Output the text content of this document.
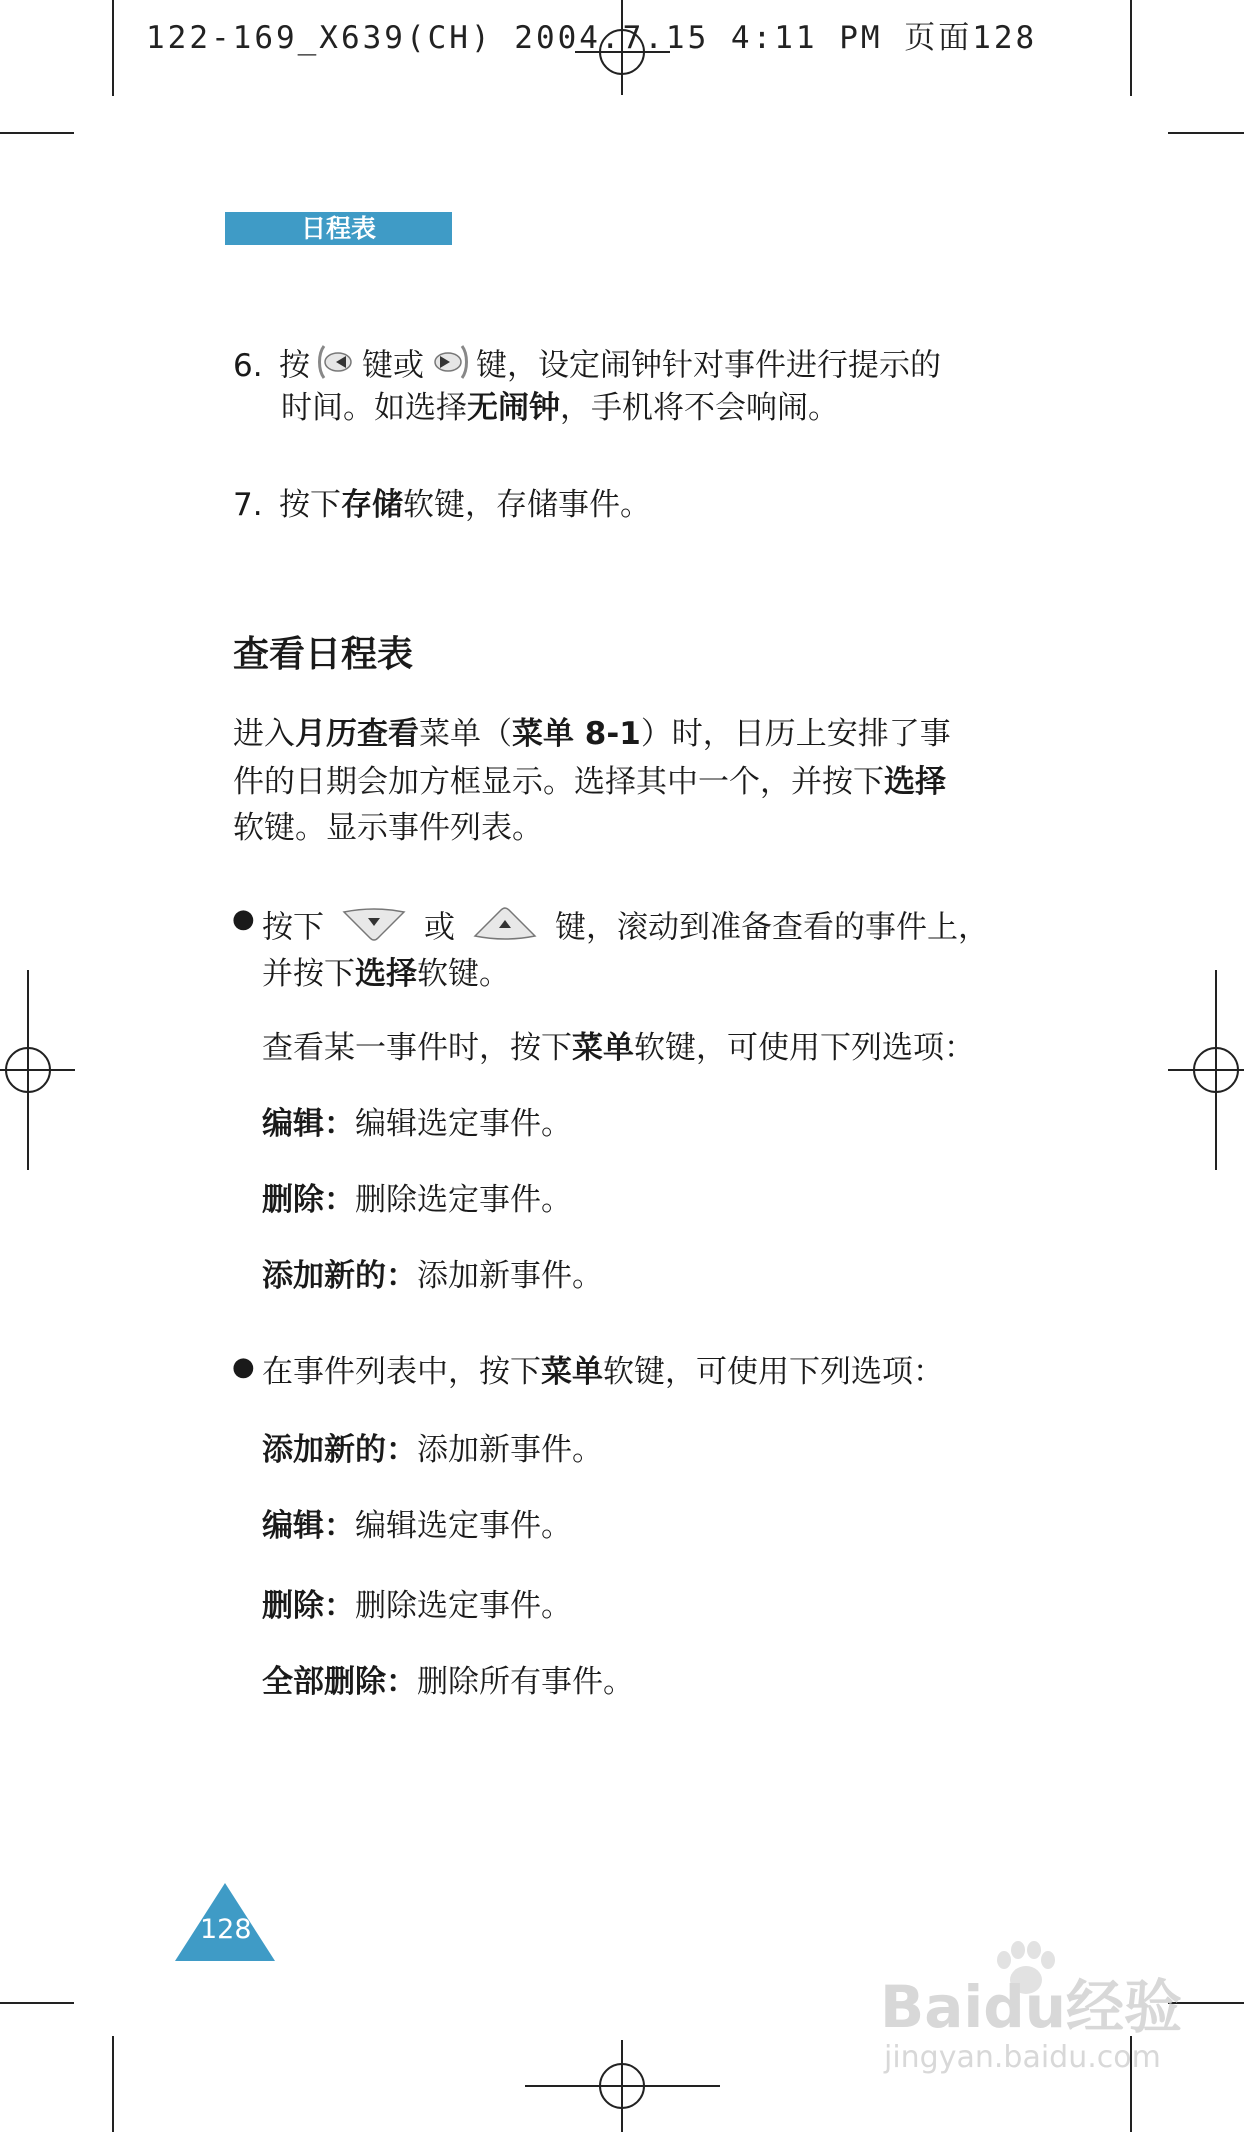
122-169_X639(CH) 2004.7.15 4:11 PM 页面128
日程表
6. 按 键或 键，设定闹钟针对事件进行提示的
时间。如选择无闹钟，手机将不会响闹。
7. 按下存储软键，存储事件。
查看日程表
进入月历查看菜单（菜单 8-1）时，日历上安排了事
件的日期会加方框显示。选择其中一个，并按下选择
软键。显示事件列表。
● 按下	或	键，滚动到准备查看的事件上，
并按下选择软键。
查看某一事件时，按下菜单软键，可使用下列选项：
编辑：编辑选定事件。
删除：删除选定事件。
添加新的：添加新事件。
● 在事件列表中，按下菜单软键，可使用下列选项：
添加新的：添加新事件。
编辑：编辑选定事件。
删除：删除选定事件。
全部删除：删除所有事件。
128
Baidu经验
jingyan.baidu.com
